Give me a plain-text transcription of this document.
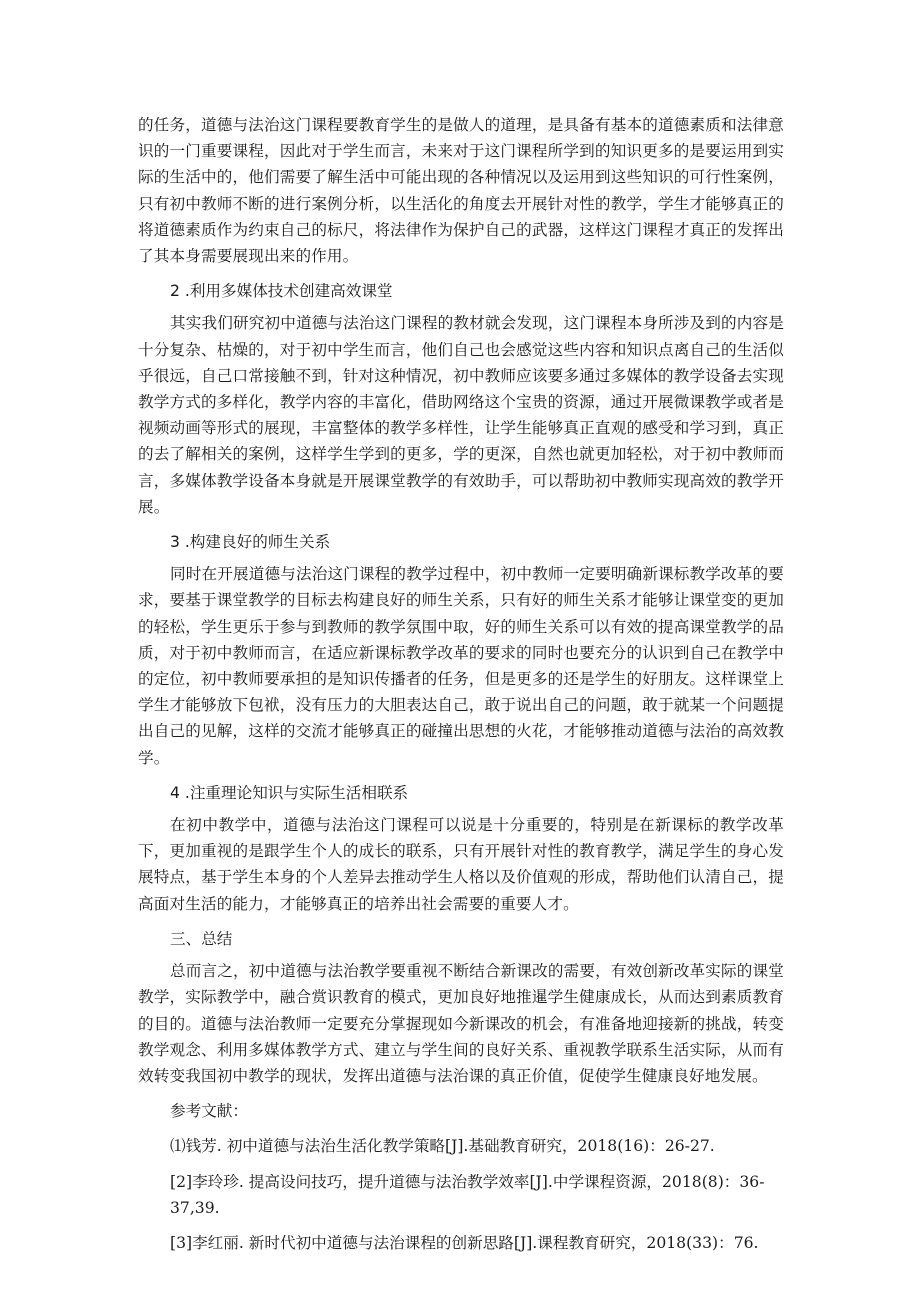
的任务，道德与法治这门课程要教育学生的是做人的道理，是具备有基本的道德素质和法律意识的一门重要课程，因此对于学生而言，未来对于这门课程所学到的知识更多的是要运用到实际的生活中的，他们需要了解生活中可能出现的各种情况以及运用到这些知识的可行性案例，只有初中教师不断的进行案例分析，以生活化的角度去开展针对性的教学，学生才能够真正的将道德素质作为约束自己的标尺，将法律作为保护自己的武器，这样这门课程才真正的发挥出了其本身需要展现出来的作用。

2 .利用多媒体技术创建高效课堂

其实我们研究初中道德与法治这门课程的教材就会发现，这门课程本身所涉及到的内容是十分复杂、枯燥的，对于初中学生而言，他们自己也会感觉这些内容和知识点离自己的生活似乎很远，自己口常接触不到，针对这种情况，初中教师应该要多通过多媒体的教学设备去实现教学方式的多样化，教学内容的丰富化，借助网络这个宝贵的资源，通过开展微课教学或者是视频动画等形式的展现，丰富整体的教学多样性，让学生能够真正直观的感受和学习到，真正的去了解相关的案例，这样学生学到的更多，学的更深，自然也就更加轻松，对于初中教师而言，多媒体教学设备本身就是开展课堂教学的有效助手，可以帮助初中教师实现高效的教学开展。

3 .构建良好的师生关系

同时在开展道德与法治这门课程的教学过程中，初中教师一定要明确新课标教学改革的要求，要基于课堂教学的目标去构建良好的师生关系，只有好的师生关系才能够让课堂变的更加的轻松，学生更乐于参与到教师的教学氛围中取，好的师生关系可以有效的提高课堂教学的品质，对于初中教师而言，在适应新课标教学改革的要求的同时也要充分的认识到自己在教学中的定位，初中教师要承担的是知识传播者的任务，但是更多的还是学生的好朋友。这样课堂上学生才能够放下包袱，没有压力的大胆表达自己，敢于说出自己的问题，敢于就某一个问题提出自己的见解，这样的交流才能够真正的碰撞出思想的火花，才能够推动道德与法治的高效教学。

4 .注重理论知识与实际生活相联系

在初中教学中，道德与法治这门课程可以说是十分重要的，特别是在新课标的教学改革下，更加重视的是跟学生个人的成长的联系，只有开展针对性的教育教学，满足学生的身心发展特点，基于学生本身的个人差异去推动学生人格以及价值观的形成，帮助他们认清自己，提高面对生活的能力，才能够真正的培养出社会需要的重要人才。

三、总结

总而言之，初中道德与法治教学要重视不断结合新课改的需要，有效创新改革实际的课堂教学，实际教学中，融合赏识教育的模式，更加良好地推暹学生健康成长，从而达到素质教育的目的。道德与法治教师一定要充分掌握现如今新课改的机会，有准备地迎接新的挑战，转变教学观念、利用多媒体教学方式、建立与学生间的良好关系、重视教学联系生活实际，从而有效转变我国初中教学的现状，发挥出道德与法治课的真正价值，促使学生健康良好地发展。

参考文献：

⑴钱芳. 初中道德与法治生活化教学策略[J].基础教育研究，2018(16)：26-27.

[2]李玲珍. 提高设问技巧，提升道德与法治教学效率[J].中学课程资源，2018(8)：36-37,39.

[3]李红丽. 新时代初中道德与法治课程的创新思路[J].课程教育研究，2018(33)：76.
